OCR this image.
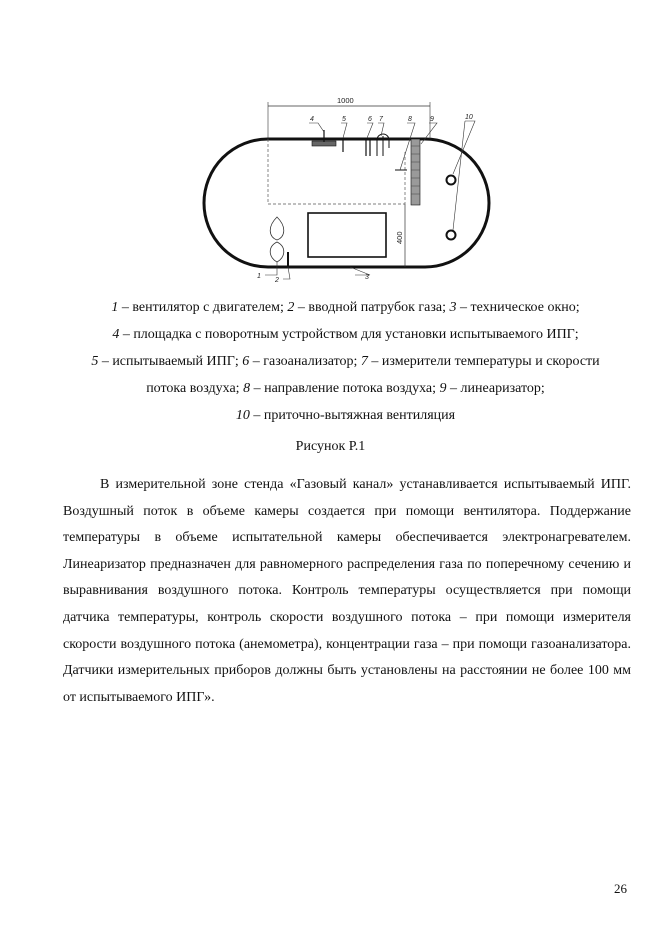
1000
400
1
2	3
4	5	6 7	8	9	10
1 – вентилятор с двигателем; 2 – вводной патрубок газа; 3 – техническое окно;
4 – площадка с поворотным устройством для установки испытываемого ИПГ;
5 – испытываемый ИПГ; 6 – газоанализатор; 7 – измерители температуры и скорости
потока воздуха; 8 – направление потока воздуха; 9 – линеаризатор;
10 – приточно-вытяжная вентиляция
Рисунок Р.1

В измерительной зоне стенда «Газовый канал» устанавливается испытываемый ИПГ. Воздушный поток в объеме камеры создается при помощи вентилятора. Поддержание температуры в объеме испытательной камеры обеспечивается электронагревателем. Линеаризатор предназначен для равномерного распределения газа по поперечному сечению и выравнивания воздушного потока. Контроль температуры осуществляется при помощи датчика температуры, контроль скорости воздушного потока – при помощи измерителя скорости воздушного потока (анемометра), концентрации газа – при помощи газоанализатора. Датчики измерительных приборов должны быть установлены на расстоянии не более 100 мм от испытываемого ИПГ».

26
